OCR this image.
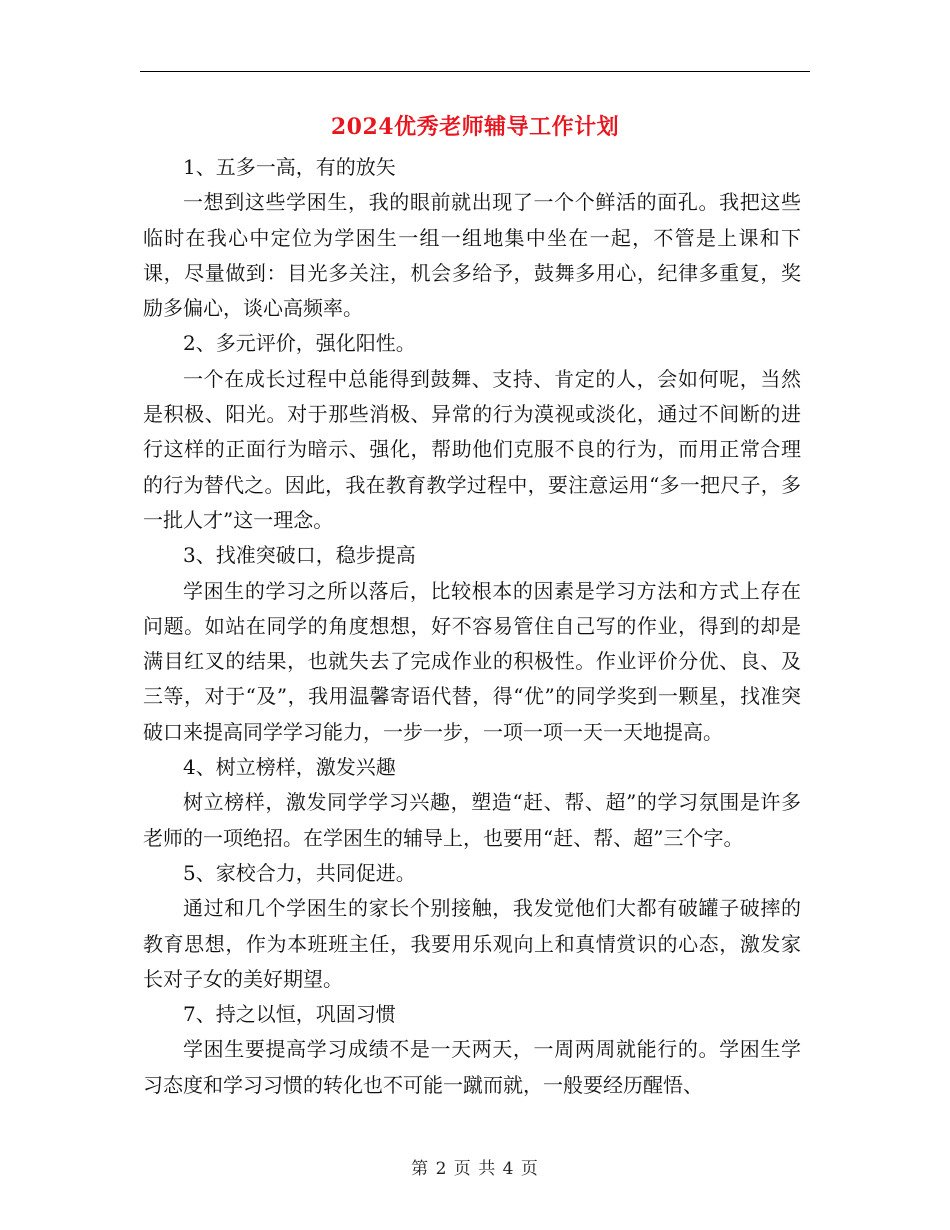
2024优秀老师辅导工作计划

1、五多一高，有的放矢

一想到这些学困生，我的眼前就出现了一个个鲜活的面孔。我把这些临时在我心中定位为学困生一组一组地集中坐在一起，不管是上课和下课，尽量做到：目光多关注，机会多给予，鼓舞多用心，纪律多重复，奖励多偏心，谈心高频率。

2、多元评价，强化阳性。

一个在成长过程中总能得到鼓舞、支持、肯定的人，会如何呢，当然是积极、阳光。对于那些消极、异常的行为漠视或淡化，通过不间断的进行这样的正面行为暗示、强化，帮助他们克服不良的行为，而用正常合理的行为替代之。因此，我在教育教学过程中，要注意运用“多一把尺子，多一批人才”这一理念。

3、找准突破口，稳步提高

学困生的学习之所以落后，比较根本的因素是学习方法和方式上存在问题。如站在同学的角度想想，好不容易管住自己写的作业，得到的却是满目红叉的结果，也就失去了完成作业的积极性。作业评价分优、良、及三等，对于“及”，我用温馨寄语代替，得“优”的同学奖到一颗星，找准突破口来提高同学学习能力，一步一步，一项一项一天一天地提高。

4、树立榜样，激发兴趣

树立榜样，激发同学学习兴趣，塑造“赶、帮、超”的学习氛围是许多老师的一项绝招。在学困生的辅导上，也要用“赶、帮、超”三个字。

5、家校合力，共同促进。

通过和几个学困生的家长个别接触，我发觉他们大都有破罐子破摔的教育思想，作为本班班主任，我要用乐观向上和真情赏识的心态，激发家长对子女的美好期望。

7、持之以恒，巩固习惯

学困生要提高学习成绩不是一天两天，一周两周就能行的。学困生学习态度和学习习惯的转化也不可能一蹴而就，一般要经历醒悟、

第 2 页 共 4 页
